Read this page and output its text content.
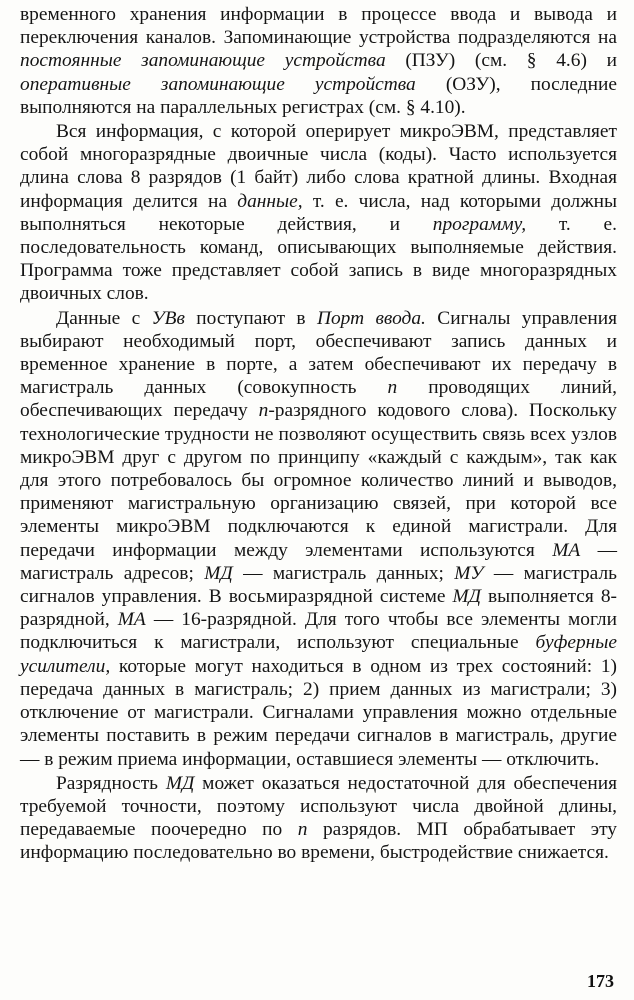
временного хранения информации в процессе ввода и вывода и переключения каналов. Запоминающие устройства подразделяются на постоянные запоминающие устройства (ПЗУ) (см. § 4.6) и оперативные запоминающие устройства (ОЗУ), последние выполняются на параллельных регистрах (см. § 4.10).

Вся информация, с которой оперирует микроЭВМ, представляет собой многоразрядные двоичные числа (коды). Часто используется длина слова 8 разрядов (1 байт) либо слова кратной длины. Входная информация делится на данные, т. е. числа, над которыми должны выполняться некоторые действия, и программу, т. е. последовательность команд, описывающих выполняемые действия. Программа тоже представляет собой запись в виде многоразрядных двоичных слов.

Данные с УВв поступают в Порт ввода. Сигналы управления выбирают необходимый порт, обеспечивают запись данных и временное хранение в порте, а затем обеспечивают их передачу в магистраль данных (совокупность n проводящих линий, обеспечивающих передачу n-разрядного кодового слова). Поскольку технологические трудности не позволяют осуществить связь всех узлов микроЭВМ друг с другом по принципу «каждый с каждым», так как для этого потребовалось бы огромное количество линий и выводов, применяют магистральную организацию связей, при которой все элементы микроЭВМ подключаются к единой магистрали. Для передачи информации между элементами используются МА — магистраль адресов; МД — магистраль данных; МУ — магистраль сигналов управления. В восьмиразрядной системе МД выполняется 8-разрядной, МА — 16-разрядной. Для того чтобы все элементы могли подключиться к магистрали, используют специальные буферные усилители, которые могут находиться в одном из трех состояний: 1) передача данных в магистраль; 2) прием данных из магистрали; 3) отключение от магистрали. Сигналами управления можно отдельные элементы поставить в режим передачи сигналов в магистраль, другие — в режим приема информации, оставшиеся элементы — отключить.

Разрядность МД может оказаться недостаточной для обеспечения требуемой точности, поэтому используют числа двойной длины, передаваемые поочередно по n разрядов. МП обрабатывает эту информацию последовательно во времени, быстродействие снижается.

173
